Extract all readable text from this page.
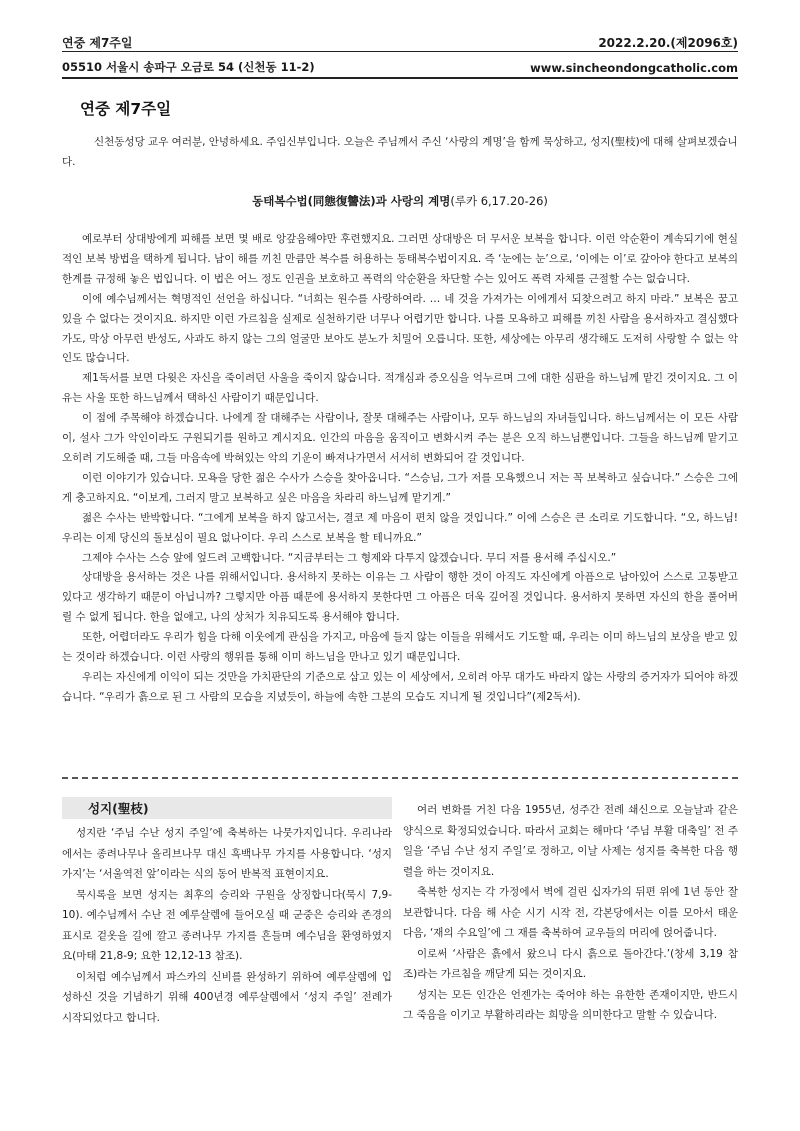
연중 제7주일	2022.2.20.(제2096호)
05510 서울시 송파구 오금로 54 (신천동 11-2)	www.sincheondongcatholic.com
연중 제7주일

신천동성당 교우 여러분, 안녕하세요. 주임신부입니다. 오늘은 주님께서 주신 ‘사랑의 계명’을 함께 묵상하고, 성지(聖枝)에 대해 살펴보겠습니다.

동태복수법(同態復讐法)과 사랑의 계명(루카 6,17.20-26)

예로부터 상대방에게 피해를 보면 몇 배로 앙갚음해야만 후련했지요. 그러면 상대방은 더 무서운 보복을 합니다. 이런 악순환이 계속되기에 현실적인 보복 방법을 택하게 됩니다. 남이 해를 끼친 만큼만 복수를 허용하는 동태복수법이지요. 즉 ‘눈에는 눈’으로, ‘이에는 이’로 갚아야 한다고 보복의 한계를 규정해 놓은 법입니다. 이 법은 어느 정도 인권을 보호하고 폭력의 악순환을 차단할 수는 있어도 폭력 자체를 근절할 수는 없습니다.

이에 예수님께서는 혁명적인 선언을 하십니다. “너희는 원수를 사랑하여라. … 네 것을 가져가는 이에게서 되찾으려고 하지 마라.” 보복은 꿈고 있을 수 없다는 것이지요. 하지만 이런 가르침을 실제로 실천하기란 너무나 어렵기만 합니다. 나를 모욕하고 피해를 끼친 사람을 용서하자고 결심했다가도, 막상 아무런 반성도, 사과도 하지 않는 그의 얼굴만 보아도 분노가 치밀어 오릅니다. 또한, 세상에는 아무리 생각해도 도저히 사랑할 수 없는 악인도 많습니다.

제1독서를 보면 다윗은 자신을 죽이려던 사울을 죽이지 않습니다. 적개심과 증오심을 억누르며 그에 대한 심판을 하느님께 맡긴 것이지요. 그 이유는 사울 또한 하느님께서 택하신 사람이기 때문입니다.

이 점에 주목해야 하겠습니다. 나에게 잘 대해주는 사람이나, 잘못 대해주는 사람이나, 모두 하느님의 자녀들입니다. 하느님께서는 이 모든 사람이, 설사 그가 악인이라도 구원되기를 원하고 계시지요. 인간의 마음을 움직이고 변화시켜 주는 분은 오직 하느님뿐입니다. 그들을 하느님께 맡기고 오히려 기도해줄 때, 그들 마음속에 박혀있는 악의 기운이 빠져나가면서 서서히 변화되어 갈 것입니다.

이런 이야기가 있습니다. 모욕을 당한 젊은 수사가 스승을 찾아옵니다. “스승님, 그가 저를 모욕했으니 저는 꼭 보복하고 싶습니다.” 스승은 그에게 충고하지요. “이보게, 그러지 말고 보복하고 싶은 마음을 차라리 하느님께 맡기게.”

젊은 수사는 반박합니다. “그에게 보복을 하지 않고서는, 결코 제 마음이 편치 않을 것입니다.” 이에 스승은 큰 소리로 기도합니다. “오, 하느님! 우리는 이제 당신의 돌보심이 필요 없나이다. 우리 스스로 보복을 할 테니까요.”

그제야 수사는 스승 앞에 엎드려 고백합니다. “지금부터는 그 형제와 다투지 않겠습니다. 무디 저를 용서해 주십시오.”

상대방을 용서하는 것은 나를 위해서입니다. 용서하지 못하는 이유는 그 사람이 행한 것이 아직도 자신에게 아픔으로 남아있어 스스로 고통받고 있다고 생각하기 때문이 아닙니까? 그렇지만 아픔 때문에 용서하지 못한다면 그 아픔은 더욱 깊어질 것입니다. 용서하지 못하면 자신의 한을 풀어버릴 수 없게 됩니다. 한을 없애고, 나의 상처가 치유되도록 용서해야 합니다.

또한, 어렵더라도 우리가 힘을 다해 이웃에게 관심을 가지고, 마음에 들지 않는 이들을 위해서도 기도할 때, 우리는 이미 하느님의 보상을 받고 있는 것이라 하겠습니다. 이런 사랑의 행위를 통해 이미 하느님을 만나고 있기 때문입니다.

우리는 자신에게 이익이 되는 것만을 가치판단의 기준으로 삼고 있는 이 세상에서, 오히려 아무 대가도 바라지 않는 사랑의 증거자가 되어야 하겠습니다. “우리가 흙으로 된 그 사람의 모습을 지녔듯이, 하늘에 속한 그분의 모습도 지니게 될 것입니다”(제2독서).

성지(聖枝)

성지란 ‘주님 수난 성지 주일’에 축복하는 나뭇가지입니다. 우리나라에서는 종려나무나 올리브나무 대신 흑백나무 가지를 사용합니다. ‘성지가지’는 ‘서울역전 앞’이라는 식의 동어 반복적 표현이지요.

묵시록을 보면 성지는 최후의 승리와 구원을 상징합니다(묵시 7,9-10). 예수님께서 수난 전 예루살렘에 들어오실 때 군중은 승리와 존경의 표시로 겉옷을 길에 깔고 종려나무 가지를 흔들며 예수님을 환영하였지요(마태 21,8-9; 요한 12,12-13 참조).

이처럼 예수님께서 파스카의 신비를 완성하기 위하여 예루살렘에 입성하신 것을 기념하기 위해 400년경 예루살렘에서 ‘성지 주일’ 전례가 시작되었다고 합니다.

여러 변화를 거친 다음 1955년, 성주간 전례 쇄신으로 오늘날과 같은 양식으로 확정되었습니다. 따라서 교회는 해마다 ‘주님 부활 대축일’ 전 주일을 ‘주님 수난 성지 주일’로 정하고, 이날 사제는 성지를 축복한 다음 행렬을 하는 것이지요.

축복한 성지는 각 가정에서 벽에 걸린 십자가의 뒤편 위에 1년 동안 잘 보관합니다. 다음 해 사순 시기 시작 전, 각본당에서는 이를 모아서 태운 다음, ‘재의 수요일’에 그 재를 축복하여 교우들의 머리에 얹어줍니다.

이로써 ‘사람은 흙에서 왔으니 다시 흙으로 돌아간다.’(창세 3,19 참조)라는 가르침을 깨닫게 되는 것이지요.

성지는 모든 인간은 언젠가는 죽어야 하는 유한한 존재이지만, 반드시 그 죽음을 이기고 부활하리라는 희망을 의미한다고 말할 수 있습니다.
